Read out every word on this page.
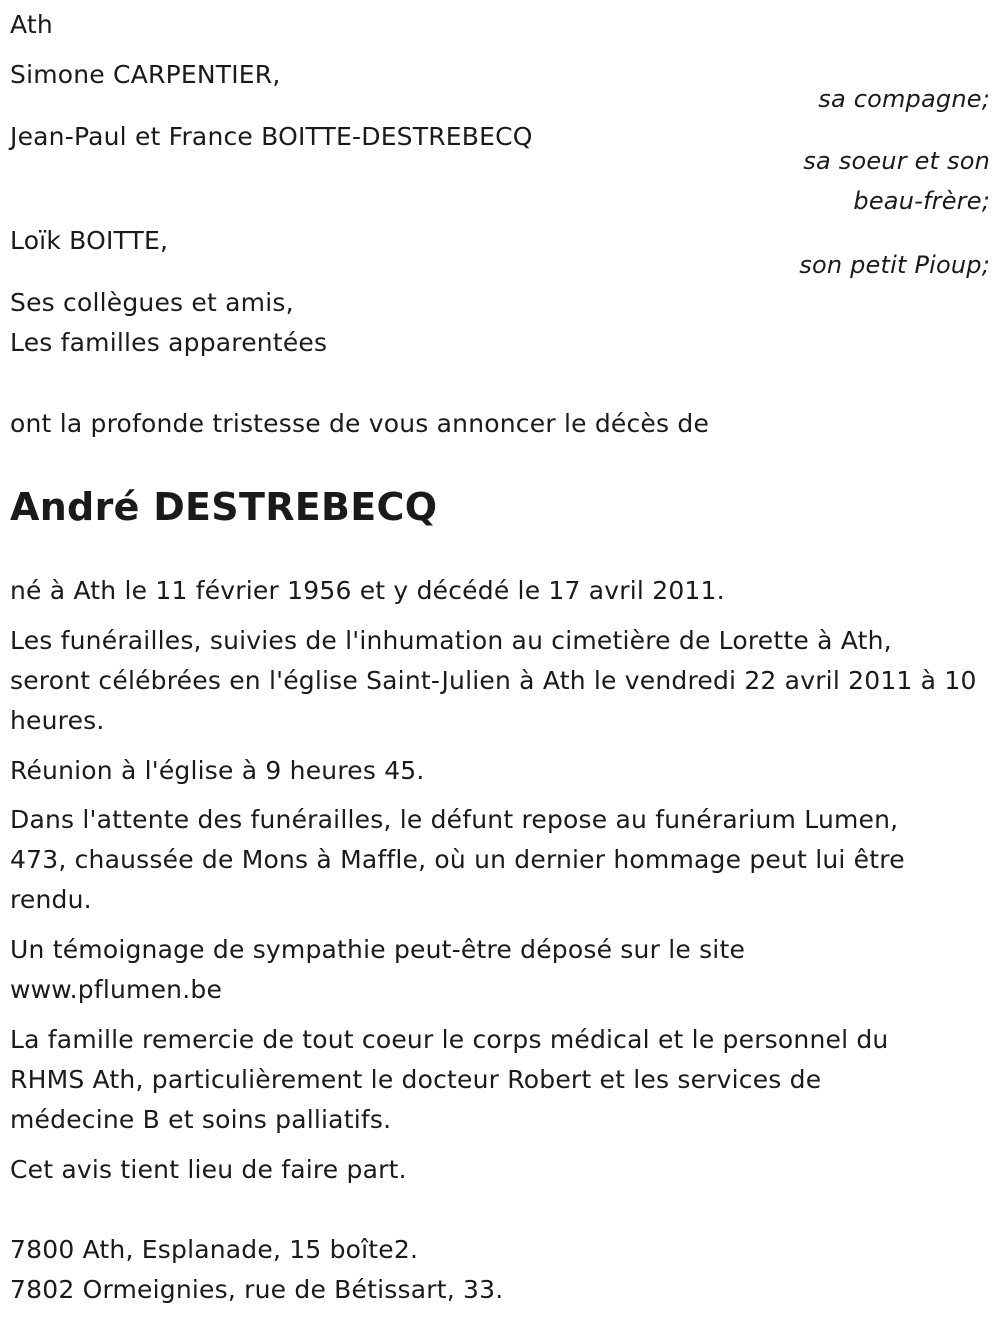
Ath

Simone CARPENTIER,

sa compagne;

Jean-Paul et France BOITTE-DESTREBECQ

sa soeur et son
beau-frère;

Loïk BOITTE,

son petit Pioup;

Ses collègues et amis,

Les familles apparentées

ont la profonde tristesse de vous annoncer le décès de

André DESTREBECQ

né à Ath le 11 février 1956 et y décédé le 17 avril 2011.

Les funérailles, suivies de l'inhumation au cimetière de Lorette à Ath,

seront célébrées en l'église Saint-Julien à Ath le vendredi 22 avril 2011 à 10

heures.

Réunion à l'église à 9 heures 45.

Dans l'attente des funérailles, le défunt repose au funérarium Lumen,

473, chaussée de Mons à Maffle, où un dernier hommage peut lui être

rendu.

Un témoignage de sympathie peut-être déposé sur le site

www.pflumen.be

La famille remercie de tout coeur le corps médical et le personnel du

RHMS Ath, particulièrement le docteur Robert et les services de

médecine B et soins palliatifs.

Cet avis tient lieu de faire part.

7800 Ath, Esplanade, 15 boîte2.

7802 Ormeignies, rue de Bétissart, 33.
